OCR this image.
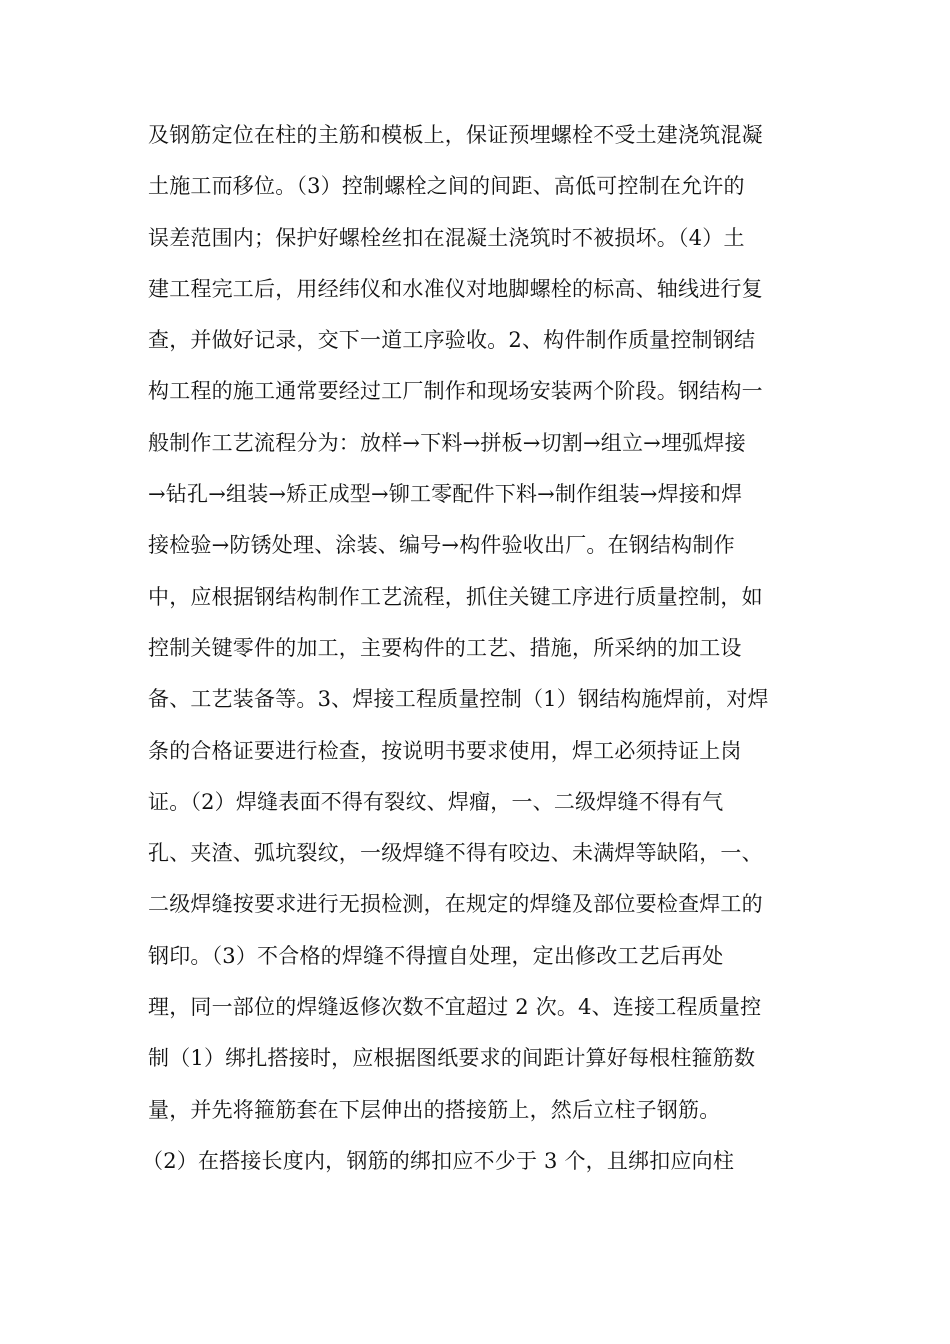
及钢筋定位在柱的主筋和模板上，保证预埋螺栓不受土建浇筑混凝
土施工而移位。（3）控制螺栓之间的间距、高低可控制在允许的
误差范围内；保护好螺栓丝扣在混凝土浇筑时不被损坏。（4）土
建工程完工后，用经纬仪和水准仪对地脚螺栓的标高、轴线进行复
查，并做好记录，交下一道工序验收。2、构件制作质量控制钢结
构工程的施工通常要经过工厂制作和现场安装两个阶段。钢结构一
般制作工艺流程分为：放样→下料→拼板→切割→组立→埋弧焊接
→钻孔→组装→矫正成型→铆工零配件下料→制作组装→焊接和焊
接检验→防锈处理、涂装、编号→构件验收出厂。在钢结构制作
中，应根据钢结构制作工艺流程，抓住关键工序进行质量控制，如
控制关键零件的加工，主要构件的工艺、措施，所采纳的加工设
备、工艺装备等。3、焊接工程质量控制（1）钢结构施焊前，对焊
条的合格证要进行检查，按说明书要求使用，焊工必须持证上岗
证。（2）焊缝表面不得有裂纹、焊瘤，一、二级焊缝不得有气
孔、夹渣、弧坑裂纹，一级焊缝不得有咬边、未满焊等缺陷，一、
二级焊缝按要求进行无损检测，在规定的焊缝及部位要检查焊工的
钢印。（3）不合格的焊缝不得擅自处理，定出修改工艺后再处
理，同一部位的焊缝返修次数不宜超过 2 次。4、连接工程质量控
制（1）绑扎搭接时，应根据图纸要求的间距计算好每根柱箍筋数
量，并先将箍筋套在下层伸出的搭接筋上，然后立柱子钢筋。
（2）在搭接长度内，钢筋的绑扣应不少于 3 个，且绑扣应向柱
